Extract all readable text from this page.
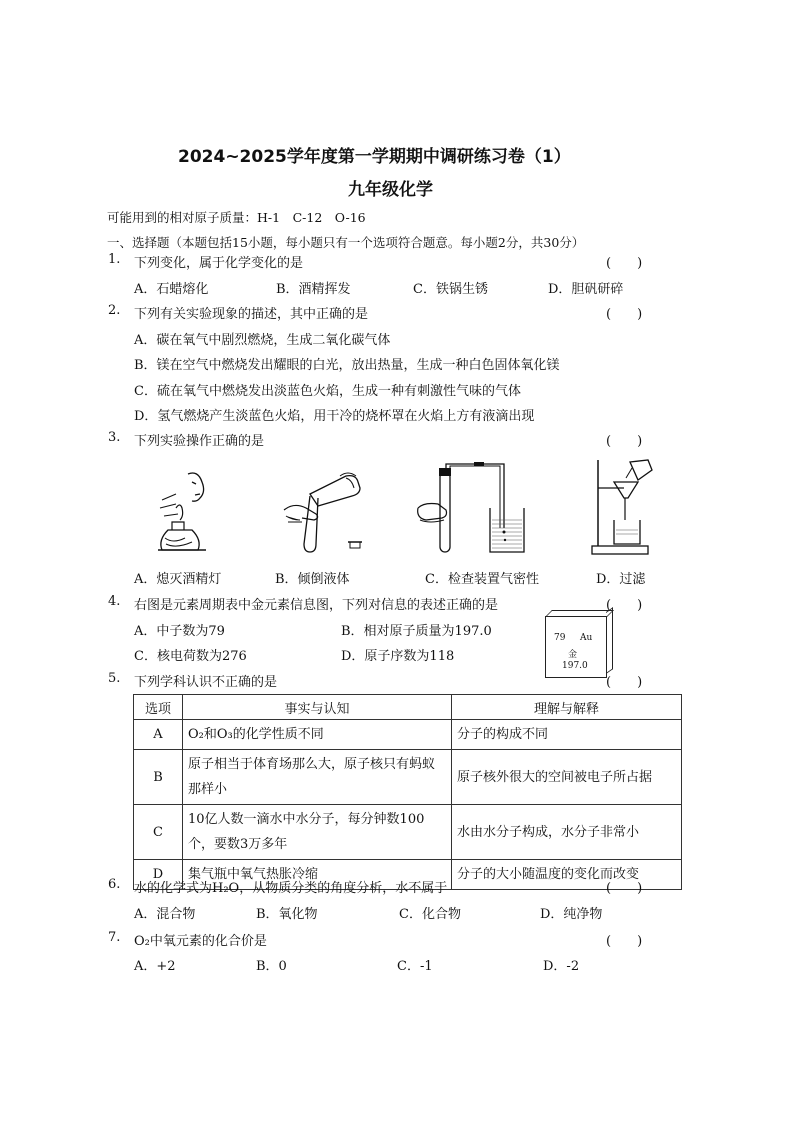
2024~2025学年度第一学期期中调研练习卷（1）
九年级化学
可能用到的相对原子质量：H-1　C-12　O-16
一、选择题（本题包括15小题，每小题只有一个选项符合题意。每小题2分，共30分）
1. 下列变化，属于化学变化的是	(　　)
A．石蜡熔化	B．酒精挥发	C．铁锅生锈	D．胆矾研碎
2. 下列有关实验现象的描述，其中正确的是	(　　)
A．碳在氧气中剧烈燃烧，生成二氧化碳气体
B．镁在空气中燃烧发出耀眼的白光，放出热量，生成一种白色固体氧化镁
C．硫在氧气中燃烧发出淡蓝色火焰，生成一种有刺激性气味的气体
D．氢气燃烧产生淡蓝色火焰，用干冷的烧杯罩在火焰上方有液滴出现
3. 下列实验操作正确的是	(　　)
A．熄灭酒精灯	B．倾倒液体	C．检查装置气密性	D．过滤
4. 右图是元素周期表中金元素信息图，下列对信息的表述正确的是	(　　)
A．中子数为79	B．相对原子质量为197.0
C．核电荷数为276	D．原子序数为118
79 Au
金
197.0
5. 下列学科认识不正确的是	(　　)
选项	事实与认知	理解与解释
A	O₂和O₃的化学性质不同	分子的构成不同
B	原子相当于体育场那么大，原子核只有蚂蚁那样小	原子核外很大的空间被电子所占据
C	10亿人数一滴水中水分子，每分钟数100个，要数3万多年	水由水分子构成，水分子非常小
D	集气瓶中氧气热胀冷缩	分子的大小随温度的变化而改变
6. 水的化学式为H₂O，从物质分类的角度分析，水不属于	(　　)
A．混合物	B．氧化物	C．化合物	D．纯净物
7. O₂中氧元素的化合价是	(　　)
A．+2	B．0	C．-1	D．-2
